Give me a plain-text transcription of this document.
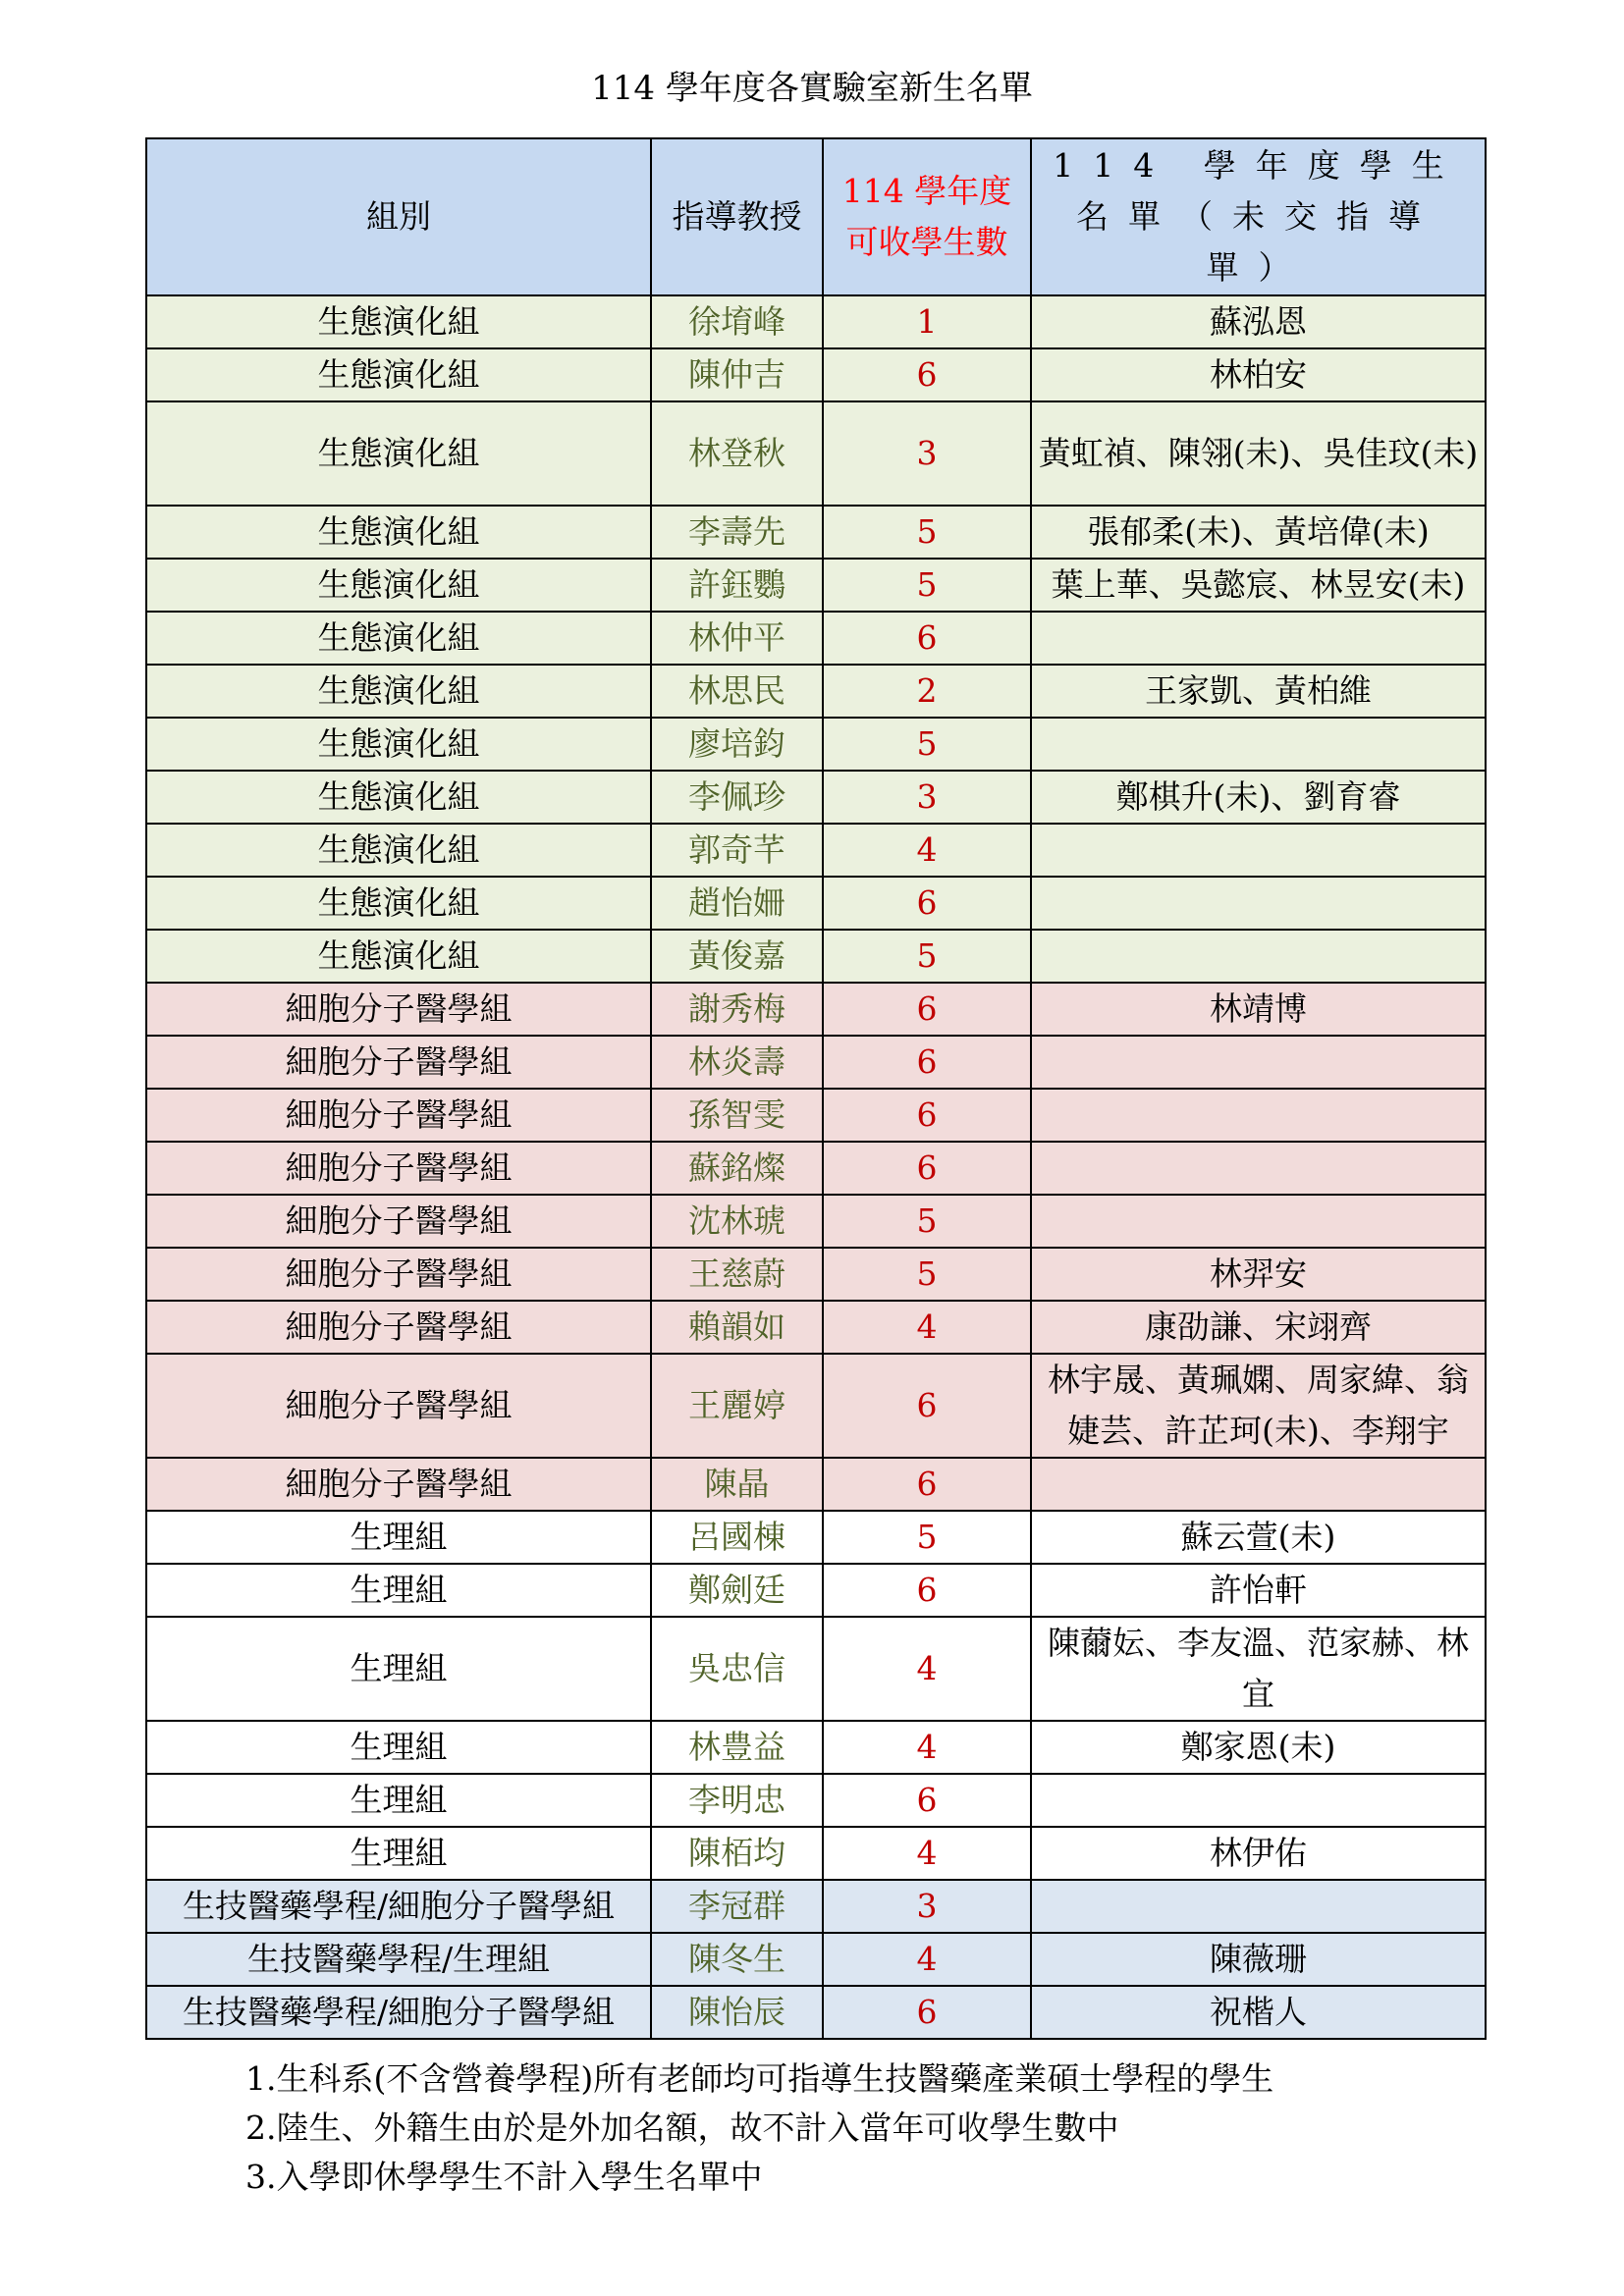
114 學年度各實驗室新生名單
組別	指導教授	114 學年度可收學生數	114 學年度學生名單（未交指導單）
生態演化組	徐堉峰	1	蘇泓恩
生態演化組	陳仲吉	6	林柏安
生態演化組	林登秋	3	黃虹禎、陳翎(未)、吳佳玟(未)
生態演化組	李壽先	5	張郁柔(未)、黃培偉(未)
生態演化組	許鈺鸚	5	葉上華、吳懿宸、林昱安(未)
生態演化組	林仲平	6	
生態演化組	林思民	2	王家凱、黃柏維
生態演化組	廖培鈞	5	
生態演化組	李佩珍	3	鄭棋升(未)、劉育睿
生態演化組	郭奇芊	4	
生態演化組	趙怡姍	6	
生態演化組	黃俊嘉	5	
細胞分子醫學組	謝秀梅	6	林靖博
細胞分子醫學組	林炎壽	6	
細胞分子醫學組	孫智雯	6	
細胞分子醫學組	蘇銘燦	6	
細胞分子醫學組	沈林琥	5	
細胞分子醫學組	王慈蔚	5	林羿安
細胞分子醫學組	賴韻如	4	康劭謙、宋翊齊
細胞分子醫學組	王麗婷	6	林宇晟、黃珮嫻、周家緯、翁婕芸、許芷珂(未)、李翔宇
細胞分子醫學組	陳晶	6	
生理組	呂國棟	5	蘇云萱(未)
生理組	鄭劍廷	6	許怡軒
生理組	吳忠信	4	陳薾妘、李友溫、范家赫、林宜
生理組	林豊益	4	鄭家恩(未)
生理組	李明忠	6	
生理組	陳栢均	4	林伊佑
生技醫藥學程/細胞分子醫學組	李冠群	3	
生技醫藥學程/生理組	陳冬生	4	陳薇珊
生技醫藥學程/細胞分子醫學組	陳怡辰	6	祝楷人
1.生科系(不含營養學程)所有老師均可指導生技醫藥產業碩士學程的學生
2.陸生、外籍生由於是外加名額，故不計入當年可收學生數中
3.入學即休學學生不計入學生名單中
